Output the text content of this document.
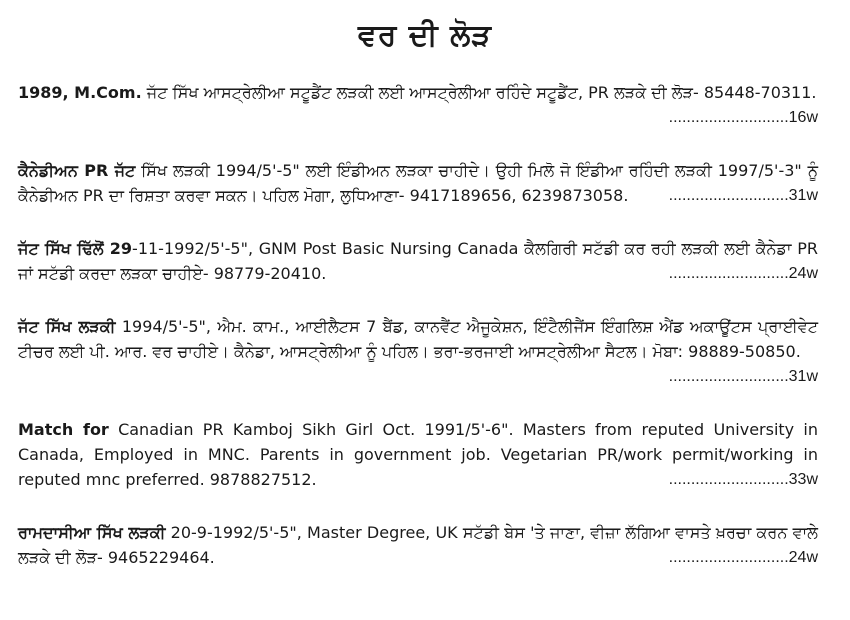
ਵਰ ਦੀ ਲੋੜ
1989, M.Com. ਜੱਟ ਸਿੱਖ ਆਸਟ੍ਰੇਲੀਆ ਸਟੂਡੈਂਟ ਲੜਕੀ ਲਈ ਆਸਟ੍ਰੇਲੀਆ ਰਹਿੰਦੇ ਸਟੂਡੈਂਟ, PR ਲੜਕੇ ਦੀ ਲੋੜ- 85448-70311.
...........................16w
ਕੈਨੇਡੀਅਨ PR ਜੱਟ ਸਿੱਖ ਲੜਕੀ 1994/5'-5" ਲਈ ਇੰਡੀਅਨ ਲੜਕਾ ਚਾਹੀਦੇ। ਉਹੀ ਮਿਲੋ ਜੋ ਇੰਡੀਆ ਰਹਿੰਦੀ ਲੜਕੀ 1997/5'-3" ਨੂੰ ਕੈਨੇਡੀਅਨ PR ਦਾ ਰਿਸ਼ਤਾ ਕਰਵਾ ਸਕਨ। ਪਹਿਲ ਮੋਗਾ, ਲੁਧਿਆਣਾ- 9417189656, 6239873058.	...........................31w
ਜੱਟ ਸਿੱਖ ਢਿੱਲੋਂ 29-11-1992/5'-5", GNM Post Basic Nursing Canada ਕੈਲਗਿਰੀ ਸਟੱਡੀ ਕਰ ਰਹੀ ਲੜਕੀ ਲਈ ਕੈਨੇਡਾ PR ਜਾਂ ਸਟੱਡੀ ਕਰਦਾ ਲੜਕਾ ਚਾਹੀਏ- 98779-20410.	...........................24w
ਜੱਟ ਸਿੱਖ ਲੜਕੀ 1994/5'-5", ਐਮ. ਕਾਮ., ਆਈਲੈਟਸ 7 ਬੈਂਡ, ਕਾਨਵੈਂਟ ਐਜੂਕੇਸ਼ਨ, ਇੰਟੈਲੀਜੈਂਸ ਇੰਗਲਿਸ਼ ਐਂਡ ਅਕਾਊਂਟਸ ਪ੍ਰਾਈਵੇਟ ਟੀਚਰ ਲਈ ਪੀ. ਆਰ. ਵਰ ਚਾਹੀਏ। ਕੈਨੇਡਾ, ਆਸਟ੍ਰੇਲੀਆ ਨੂੰ ਪਹਿਲ। ਭਰਾ-ਭਰਜਾਈ ਆਸਟ੍ਰੇਲੀਆ ਸੈਟਲ। ਮੋਬਾ: 98889-50850.
...........................31w
Match for Canadian PR Kamboj Sikh Girl Oct. 1991/5'-6". Masters from reputed University in Canada, Employed in MNC. Parents in government job. Vegetarian PR/work permit/working in reputed mnc preferred. 9878827512.	...........................33w
ਰਾਮਦਾਸੀਆ ਸਿੱਖ ਲੜਕੀ 20-9-1992/5'-5", Master Degree, UK ਸਟੱਡੀ ਬੇਸ 'ਤੇ ਜਾਣਾ, ਵੀਜ਼ਾ ਲੱਗਿਆ ਵਾਸਤੇ ਖ਼ਰਚਾ ਕਰਨ ਵਾਲੇ ਲੜਕੇ ਦੀ ਲੋੜ- 9465229464.	...........................24w
